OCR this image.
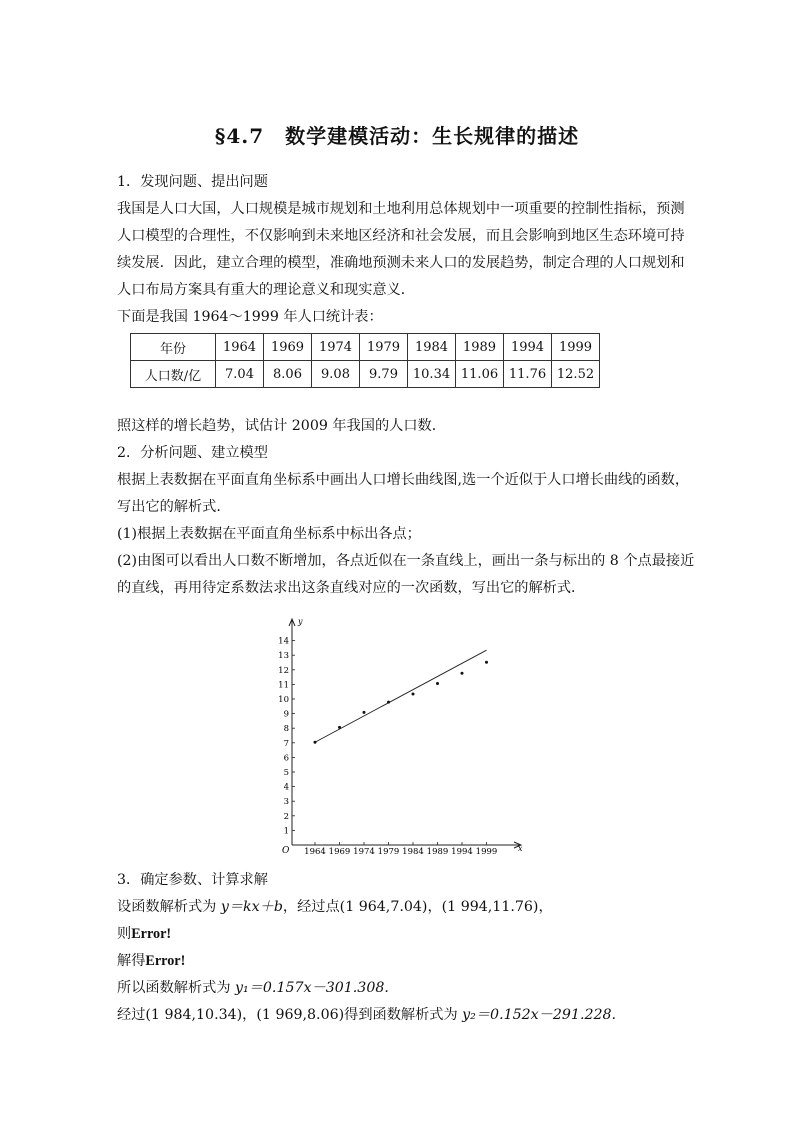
§4.7　数学建模活动：生长规律的描述
1．发现问题、提出问题
我国是人口大国，人口规模是城市规划和土地利用总体规划中一项重要的控制性指标，预测
人口模型的合理性，不仅影响到未来地区经济和社会发展，而且会影响到地区生态环境可持
续发展．因此，建立合理的模型，准确地预测未来人口的发展趋势，制定合理的人口规划和
人口布局方案具有重大的理论意义和现实意义．
下面是我国 1964～1999 年人口统计表：
年份	1964	1969	1974	1979	1984	1989	1994	1999
人口数/亿	7.04	8.06	9.08	9.79	10.34	11.06	11.76	12.52
照这样的增长趋势，试估计 2009 年我国的人口数．
2．分析问题、建立模型
根据上表数据在平面直角坐标系中画出人口增长曲线图,选一个近似于人口增长曲线的函数，
写出它的解析式．
(1)根据上表数据在平面直角坐标系中标出各点；
(2)由图可以看出人口数不断增加，各点近似在一条直线上，画出一条与标出的 8 个点最接近
的直线，再用待定系数法求出这条直线对应的一次函数，写出它的解析式．
y
x
O
1
2
3
4
5
6
7
8
9
10
11
12
13
14
1964 1969 1974 1979 1984 1989 1994 1999
3．确定参数、计算求解
设函数解析式为 y＝kx＋b，经过点(1 964,7.04)，(1 994,11.76)，
则Error!
解得Error!
所以函数解析式为 y₁＝0.157x－301.308.
经过(1 984,10.34)，(1 969,8.06)得到函数解析式为 y₂＝0.152x－291.228.
